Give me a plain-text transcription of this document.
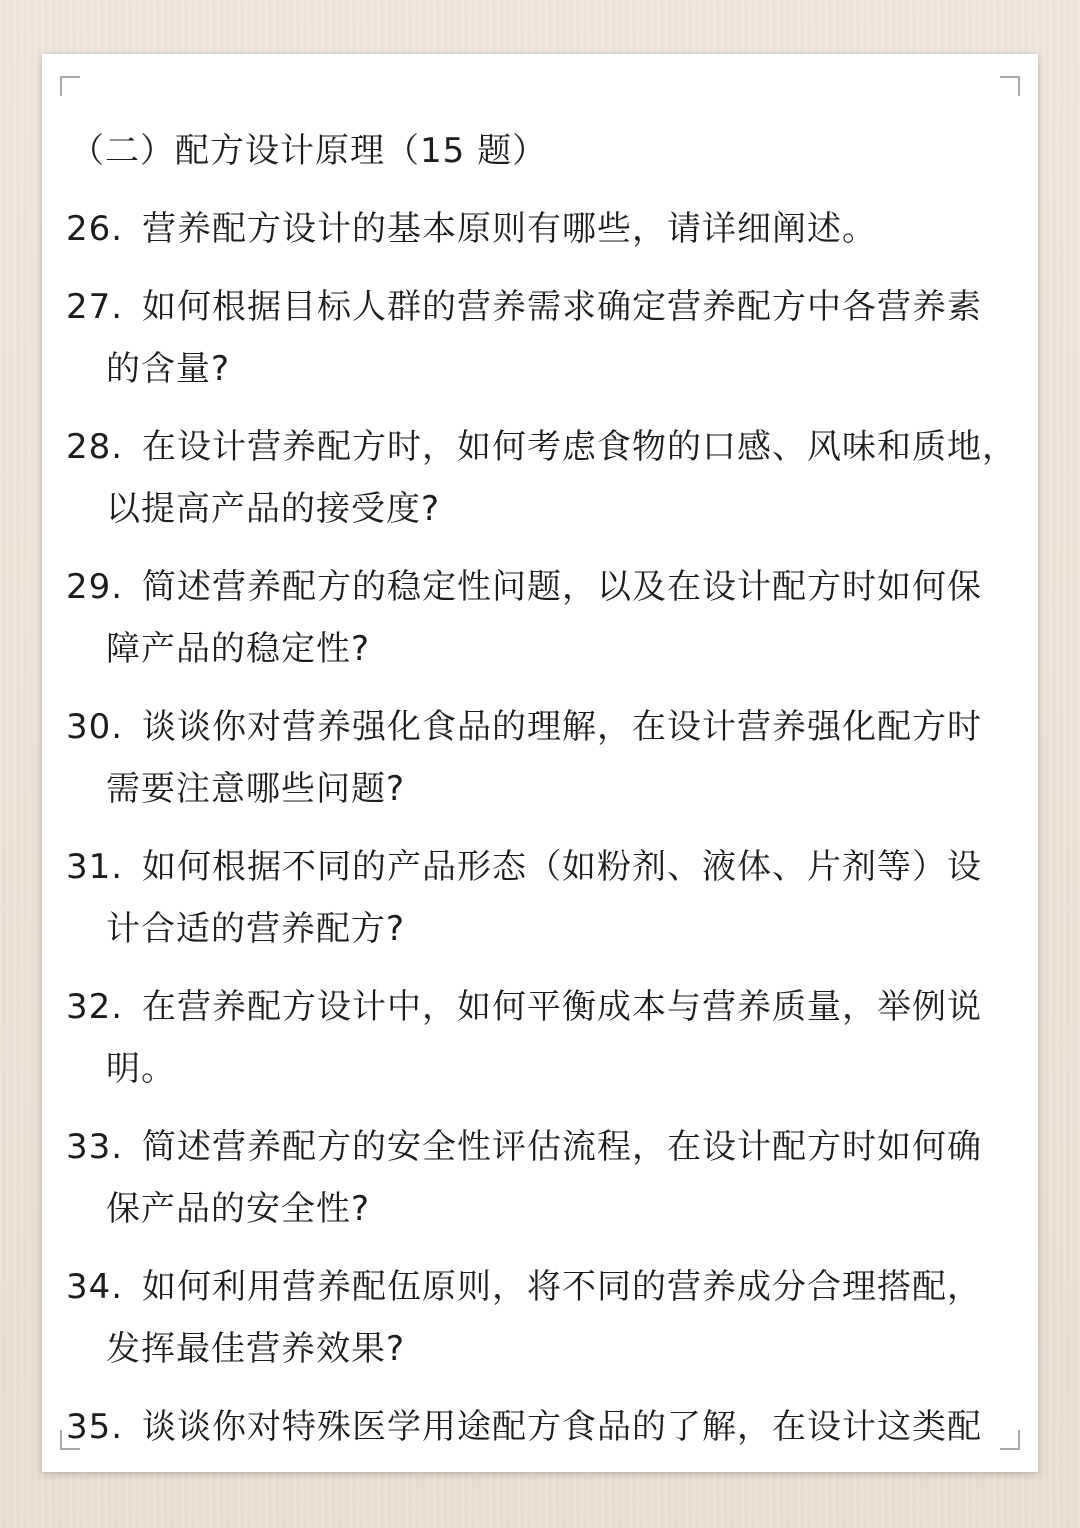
（二）配方设计原理（15 题）
26. 营养配方设计的基本原则有哪些，请详细阐述。
27. 如何根据目标人群的营养需求确定营养配方中各营养素
的含量?
28. 在设计营养配方时，如何考虑食物的口感、风味和质地，
以提高产品的接受度?
29. 简述营养配方的稳定性问题，以及在设计配方时如何保
障产品的稳定性?
30. 谈谈你对营养强化食品的理解，在设计营养强化配方时
需要注意哪些问题?
31. 如何根据不同的产品形态（如粉剂、液体、片剂等）设
计合适的营养配方?
32. 在营养配方设计中，如何平衡成本与营养质量，举例说
明。
33. 简述营养配方的安全性评估流程，在设计配方时如何确
保产品的安全性?
34. 如何利用营养配伍原则，将不同的营养成分合理搭配，
发挥最佳营养效果?
35. 谈谈你对特殊医学用途配方食品的了解，在设计这类配
